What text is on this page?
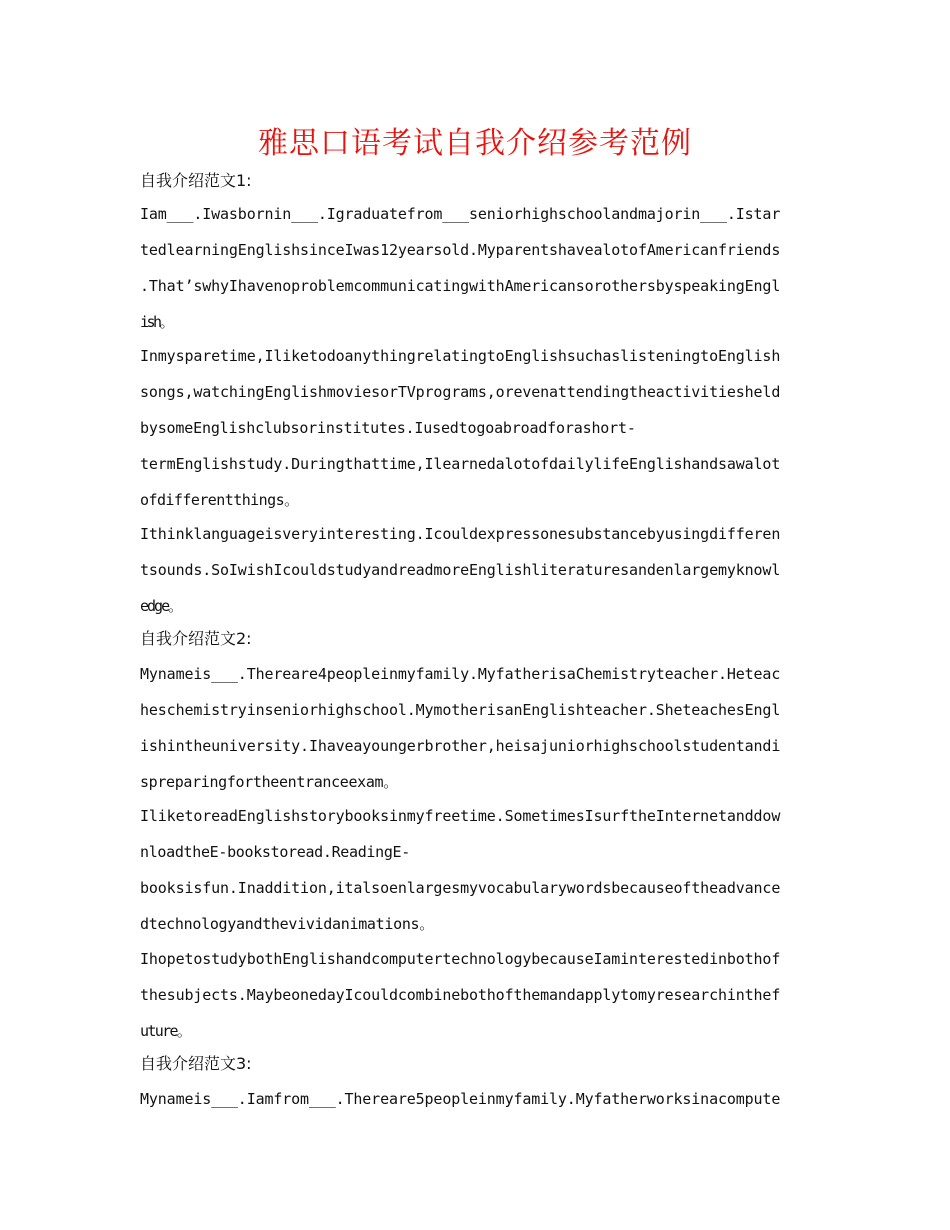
雅思口语考试自我介绍参考范例
自我介绍范文1:
Iam___.Iwasbornin___.Igraduatefrom___seniorhighschoolandmajorin___.Istar
tedlearningEnglishsinceIwas12yearsold.MyparentshavealotofAmericanfriends
.That’swhyIhavenoproblemcommunicatingwithAmericansorothersbyspeakingEngl
ish。
Inmysparetime,IliketodoanythingrelatingtoEnglishsuchaslisteningtoEnglish
songs,watchingEnglishmoviesorTVprograms,orevenattendingtheactivitiesheld
bysomeEnglishclubsorinstitutes.Iusedtogoabroadforashort-
termEnglishstudy.Duringthattime,IlearnedalotofdailylifeEnglishandsawalot
ofdifferentthings。
Ithinklanguageisveryinteresting.Icouldexpressonesubstancebyusingdifferen
tsounds.SoIwishIcouldstudyandreadmoreEnglishliteraturesandenlargemyknowl
edge。
自我介绍范文2:
Mynameis___.Thereare4peopleinmyfamily.MyfatherisaChemistryteacher.Heteac
heschemistryinseniorhighschool.MymotherisanEnglishteacher.SheteachesEngl
ishintheuniversity.Ihaveayoungerbrother,heisajuniorhighschoolstudentandi
spreparingfortheentranceexam。
IliketoreadEnglishstorybooksinmyfreetime.SometimesIsurftheInternetanddow
nloadtheE-bookstoread.ReadingE-
booksisfun.Inaddition,italsoenlargesmyvocabularywordsbecauseoftheadvance
dtechnologyandthevividanimations。
IhopetostudybothEnglishandcomputertechnologybecauseIaminterestedinbothof
thesubjects.MaybeonedayIcouldcombinebothofthemandapplytomyresearchinthef
uture。
自我介绍范文3:
Mynameis___.Iamfrom___.Thereare5peopleinmyfamily.Myfatherworksinacompute
